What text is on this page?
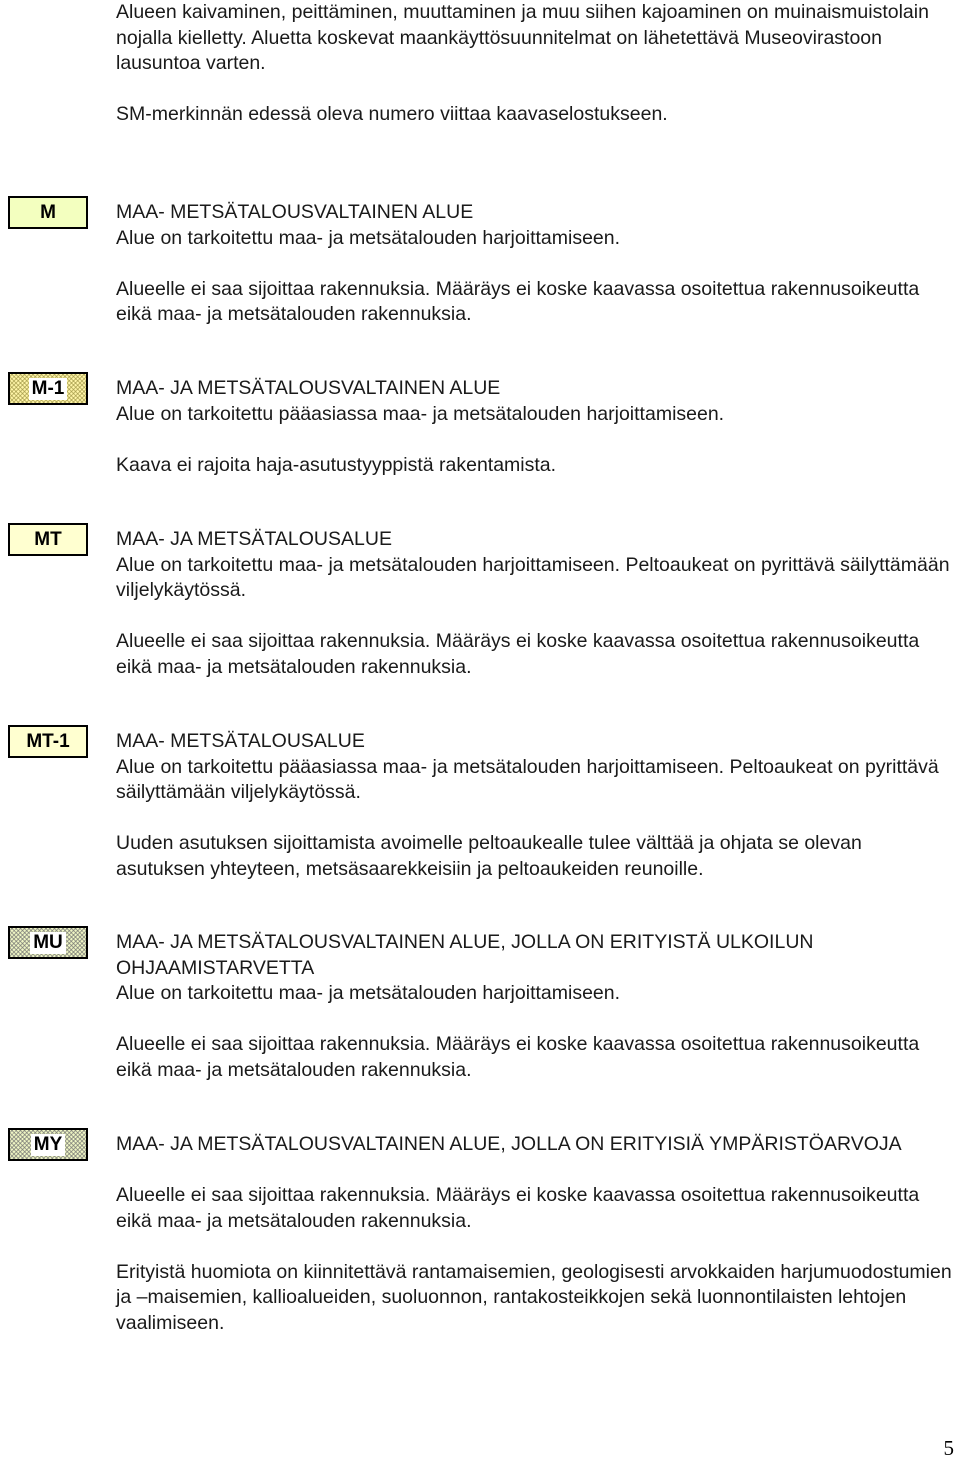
Alueen kaivaminen, peittäminen, muuttaminen ja muu siihen kajoaminen on muinaismuistolain nojalla kielletty. Aluetta koskevat maankäyttösuunnitelmat on lähetettävä Museovirastoon lausuntoa varten.

SM-merkinnän edessä oleva numero viittaa kaavaselostukseen.

M	MAA- METSÄTALOUSVALTAINEN ALUE

Alue on tarkoitettu maa- ja metsätalouden harjoittamiseen.

Alueelle ei saa sijoittaa rakennuksia. Määräys ei koske kaavassa osoitettua rakennusoikeutta eikä maa- ja metsätalouden rakennuksia.

M-1	MAA- JA METSÄTALOUSVALTAINEN ALUE

Alue on tarkoitettu pääasiassa maa- ja metsätalouden harjoittamiseen.

Kaava ei rajoita haja-asutustyyppistä rakentamista.

MT	MAA- JA METSÄTALOUSALUE

Alue on tarkoitettu maa- ja metsätalouden harjoittamiseen. Peltoaukeat on pyrittävä säilyttämään viljelykäytössä.

Alueelle ei saa sijoittaa rakennuksia. Määräys ei koske kaavassa osoitettua rakennusoikeutta eikä maa- ja metsätalouden rakennuksia.

MT-1 MAA- METSÄTALOUSALUE

Alue on tarkoitettu pääasiassa maa- ja metsätalouden harjoittamiseen. Peltoaukeat on pyrittävä säilyttämään viljelykäytössä.

Uuden asutuksen sijoittamista avoimelle peltoaukealle tulee välttää ja ohjata se olevan asutuksen yhteyteen, metsäsaarekkeisiin ja peltoaukeiden reunoille.

MU	MAA- JA METSÄTALOUSVALTAINEN ALUE, JOLLA ON ERITYISTÄ ULKOILUN OHJAAMISTARVETTA

Alue on tarkoitettu maa- ja metsätalouden harjoittamiseen.

Alueelle ei saa sijoittaa rakennuksia. Määräys ei koske kaavassa osoitettua rakennusoikeutta eikä maa- ja metsätalouden rakennuksia.

MY	MAA- JA METSÄTALOUSVALTAINEN ALUE, JOLLA ON ERITYISIÄ YMPÄRISTÖARVOJA

Alueelle ei saa sijoittaa rakennuksia. Määräys ei koske kaavassa osoitettua rakennusoikeutta eikä maa- ja metsätalouden rakennuksia.

Erityistä huomiota on kiinnitettävä rantamaisemien, geologisesti arvokkaiden harjumuodostumien ja –maisemien, kallioalueiden, suoluonnon, rantakosteikkojen sekä luonnontilaisten lehtojen vaalimiseen.

5
